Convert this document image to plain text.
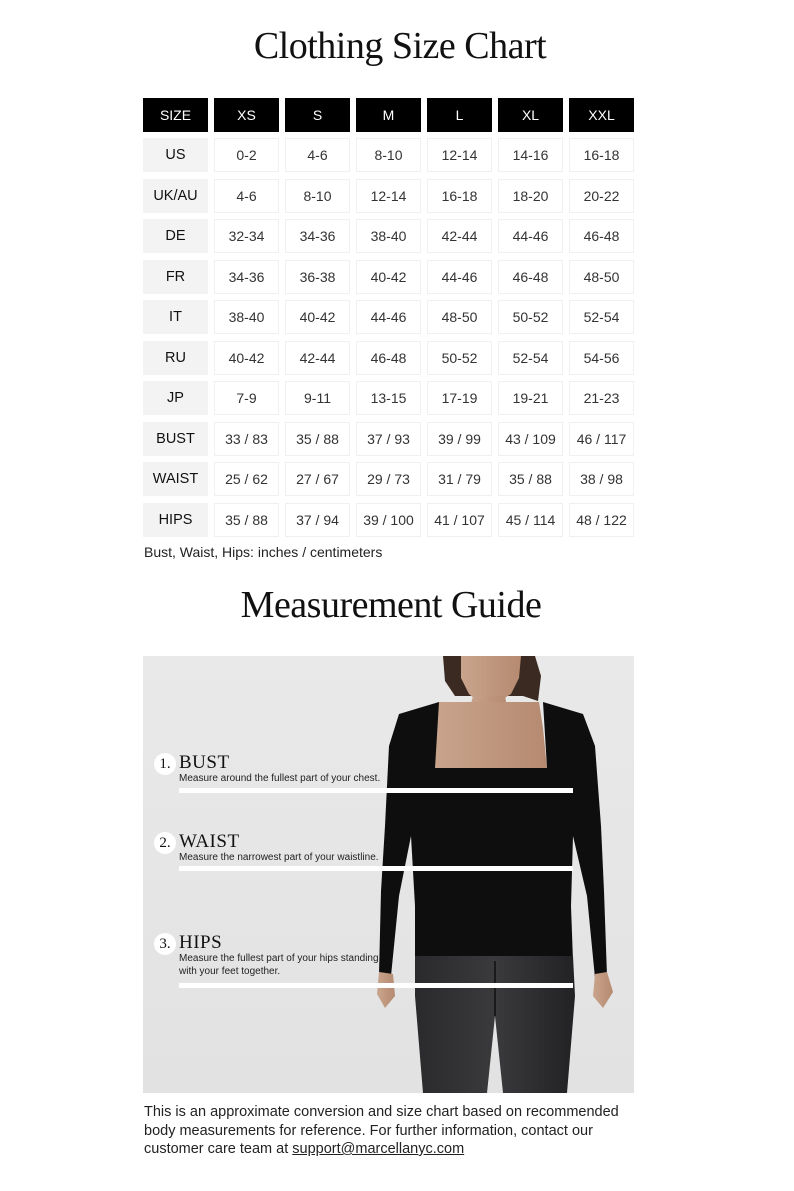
Clothing Size Chart
SIZE	XS	S	M	L	XL	XXL
US	0-2	4-6	8-10	12-14	14-16	16-18
UK/AU	4-6	8-10	12-14	16-18	18-20	20-22
DE	32-34	34-36	38-40	42-44	44-46	46-48
FR	34-36	36-38	40-42	44-46	46-48	48-50
IT	38-40	40-42	44-46	48-50	50-52	52-54
RU	40-42	42-44	46-48	50-52	52-54	54-56
JP	7-9	9-11	13-15	17-19	19-21	21-23
BUST	33 / 83	35 / 88	37 / 93	39 / 99	43 / 109	46 / 117
WAIST	25 / 62	27 / 67	29 / 73	31 / 79	35 / 88	38 / 98
HIPS	35 / 88	37 / 94	39 / 100	41 / 107	45 / 114	48 / 122

Bust, Waist, Hips: inches / centimeters

Measurement Guide
1. BUST
Measure around the fullest part of your chest.
2. WAIST
Measure the narrowest part of your waistline.
3. HIPS
Measure the fullest part of your hips standing with your feet together.

This is an approximate conversion and size chart based on recommended body measurements for reference. For further information, contact our customer care team at support@marcellanyc.com
